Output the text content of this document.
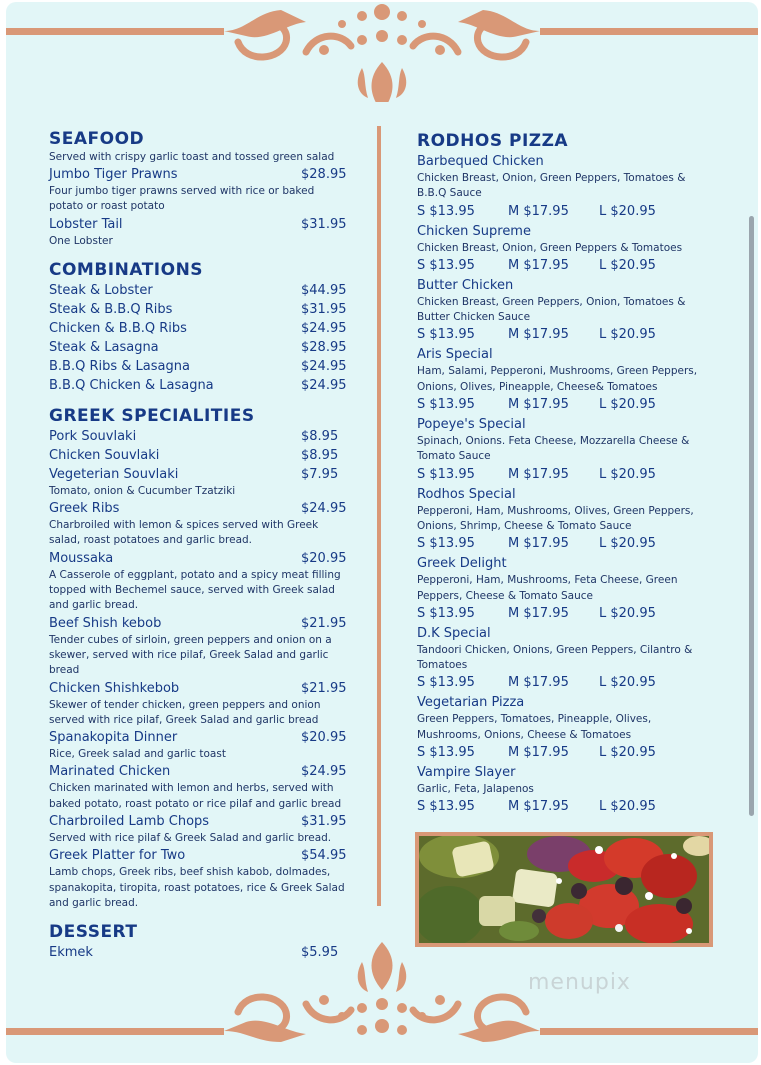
SEAFOOD
Served with crispy garlic toast and tossed green salad
Jumbo Tiger Prawns	$28.95
Four jumbo tiger prawns served with rice or baked potato or roast potato
Lobster Tail	$31.95
One Lobster
COMBINATIONS
Steak & Lobster	$44.95
Steak & B.B.Q Ribs	$31.95
Chicken & B.B.Q Ribs	$24.95
Steak & Lasagna	$28.95
B.B.Q Ribs & Lasagna	$24.95
B.B.Q Chicken & Lasagna	$24.95
GREEK SPECIALITIES
Pork Souvlaki	$8.95
Chicken Souvlaki	$8.95
Vegeterian Souvlaki	$7.95
Tomato, onion & Cucumber Tzatziki
Greek Ribs	$24.95
Charbroiled with lemon & spices served with Greek salad, roast potatoes and garlic bread.
Moussaka	$20.95
A Casserole of eggplant, potato and a spicy meat filling topped with Bechemel sauce, served with Greek salad and garlic bread.
Beef Shish kebob	$21.95
Tender cubes of sirloin, green peppers and onion on a skewer, served with rice pilaf, Greek Salad and garlic bread
Chicken Shishkebob	$21.95
Skewer of tender chicken, green peppers and onion served with rice pilaf, Greek Salad and garlic bread
Spanakopita Dinner	$20.95
Rice, Greek salad and garlic toast
Marinated Chicken	$24.95
Chicken marinated with lemon and herbs, served with baked potato, roast potato or rice pilaf and garlic bread
Charbroiled Lamb Chops	$31.95
Served with rice pilaf & Greek Salad and garlic bread.
Greek Platter for Two	$54.95
Lamb chops, Greek ribs, beef shish kabob, dolmades, spanakopita, tiropita, roast potatoes, rice & Greek Salad and garlic bread.
DESSERT
Ekmek	$5.95
RODHOS PIZZA
Barbequed Chicken
Chicken Breast, Onion, Green Peppers, Tomatoes & B.B.Q Sauce
S $13.95	M $17.95	L $20.95
Chicken Supreme
Chicken Breast, Onion, Green Peppers & Tomatoes
S $13.95	M $17.95	L $20.95
Butter Chicken
Chicken Breast, Green Peppers, Onion, Tomatoes & Butter Chicken Sauce
S $13.95	M $17.95	L $20.95
Aris Special
Ham, Salami, Pepperoni, Mushrooms, Green Peppers, Onions, Olives, Pineapple, Cheese& Tomatoes
S $13.95	M $17.95	L $20.95
Popeye's Special
Spinach, Onions. Feta Cheese, Mozzarella Cheese & Tomato Sauce
S $13.95	M $17.95	L $20.95
Rodhos Special
Pepperoni, Ham, Mushrooms, Olives, Green Peppers, Onions, Shrimp, Cheese & Tomato Sauce
S $13.95	M $17.95	L $20.95
Greek Delight
Pepperoni, Ham, Mushrooms, Feta Cheese, Green Peppers, Cheese & Tomato Sauce
S $13.95	M $17.95	L $20.95
D.K Special
Tandoori Chicken, Onions, Green Peppers, Cilantro & Tomatoes
S $13.95	M $17.95	L $20.95
Vegetarian Pizza
Green Peppers, Tomatoes, Pineapple, Olives, Mushrooms, Onions, Cheese & Tomatoes
S $13.95	M $17.95	L $20.95
Vampire Slayer
Garlic, Feta, Jalapenos
S $13.95	M $17.95	L $20.95
menupix
